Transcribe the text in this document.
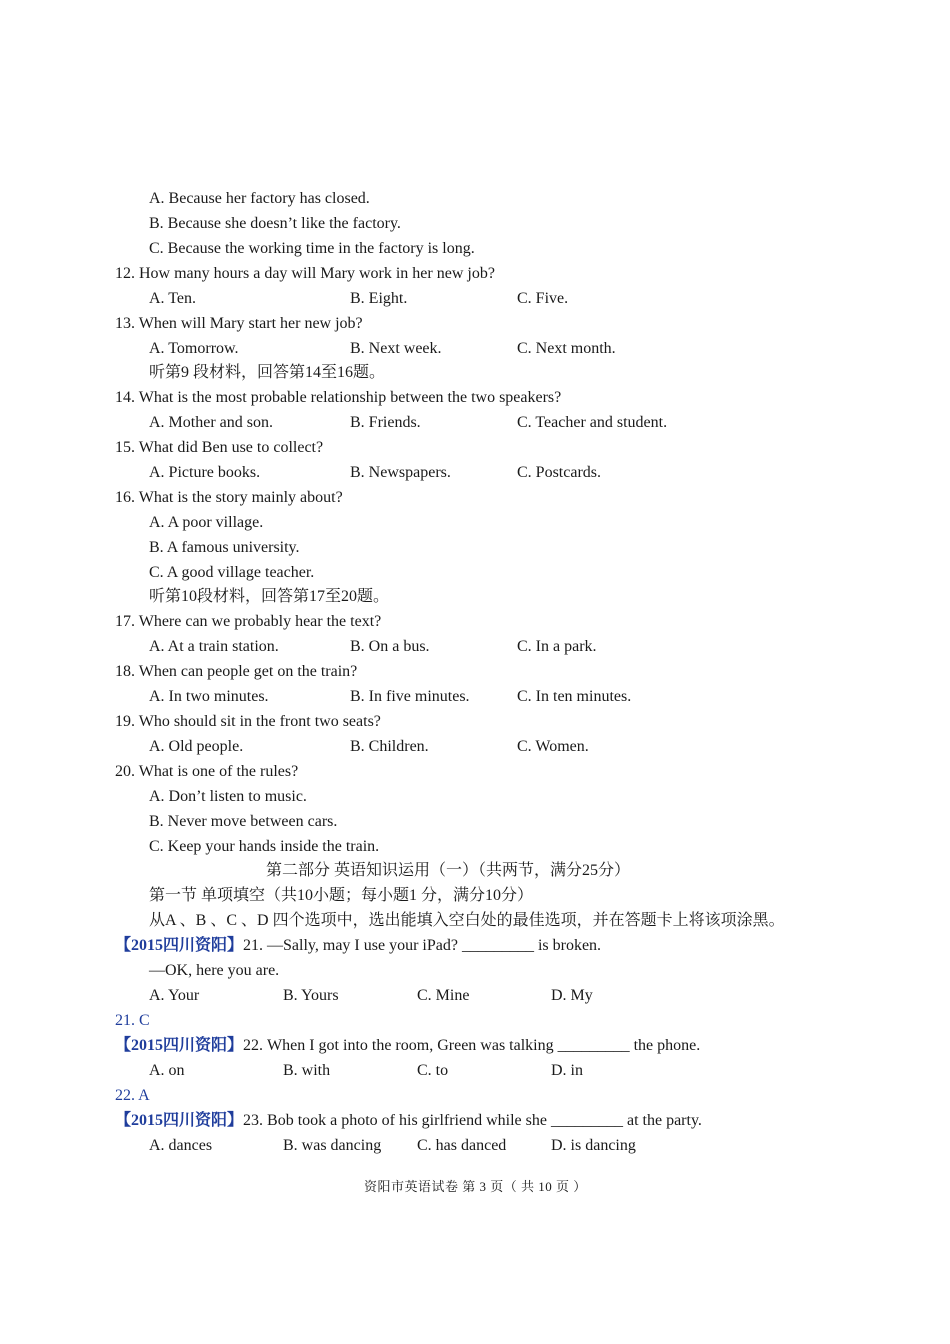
A. Because her factory has closed.
B. Because she doesn’t like the factory.
C. Because the working time in the factory is long.
12. How many hours a day will Mary work in her new job?
A. Ten.	B. Eight.	C. Five.
13. When will Mary start her new job?
A. Tomorrow.	B. Next week.	C. Next month.
听第9 段材料，回答第14至16题。
14. What is the most probable relationship between the two speakers?
A. Mother and son.	B. Friends.	C. Teacher and student.
15. What did Ben use to collect?
A. Picture books.	B. Newspapers.	C. Postcards.
16. What is the story mainly about?
A. A poor village.
B. A famous university.
C. A good village teacher.
听第10段材料，回答第17至20题。
17. Where can we probably hear the text?
A. At a train station.	B. On a bus.	C. In a park.
18. When can people get on the train?
A. In two minutes.	B. In five minutes.	C. In ten minutes.
19. Who should sit in the front two seats?
A. Old people.	B. Children.	C. Women.
20. What is one of the rules?
A. Don’t listen to music.
B. Never move between cars.
C. Keep your hands inside the train.
第二部分 英语知识运用（一）（共两节，满分25分）
第一节 单项填空（共10小题；每小题1 分，满分10分）
从A 、B 、C 、D 四个选项中，选出能填入空白处的最佳选项，并在答题卡上将该项涂黑。
【2015四川资阳】21. —Sally, may I use your iPad? _________ is broken.
—OK, here you are.
A. Your	B. Yours	C. Mine	D. My
21. C
【2015四川资阳】22. When I got into the room, Green was talking _________ the phone.
A. on	B. with	C. to	D. in
22. A
【2015四川资阳】23. Bob took a photo of his girlfriend while she _________ at the party.
A. dances	B. was dancing C. has danced	D. is dancing
资阳市英语试卷 第 3 页（ 共 10 页 ）
